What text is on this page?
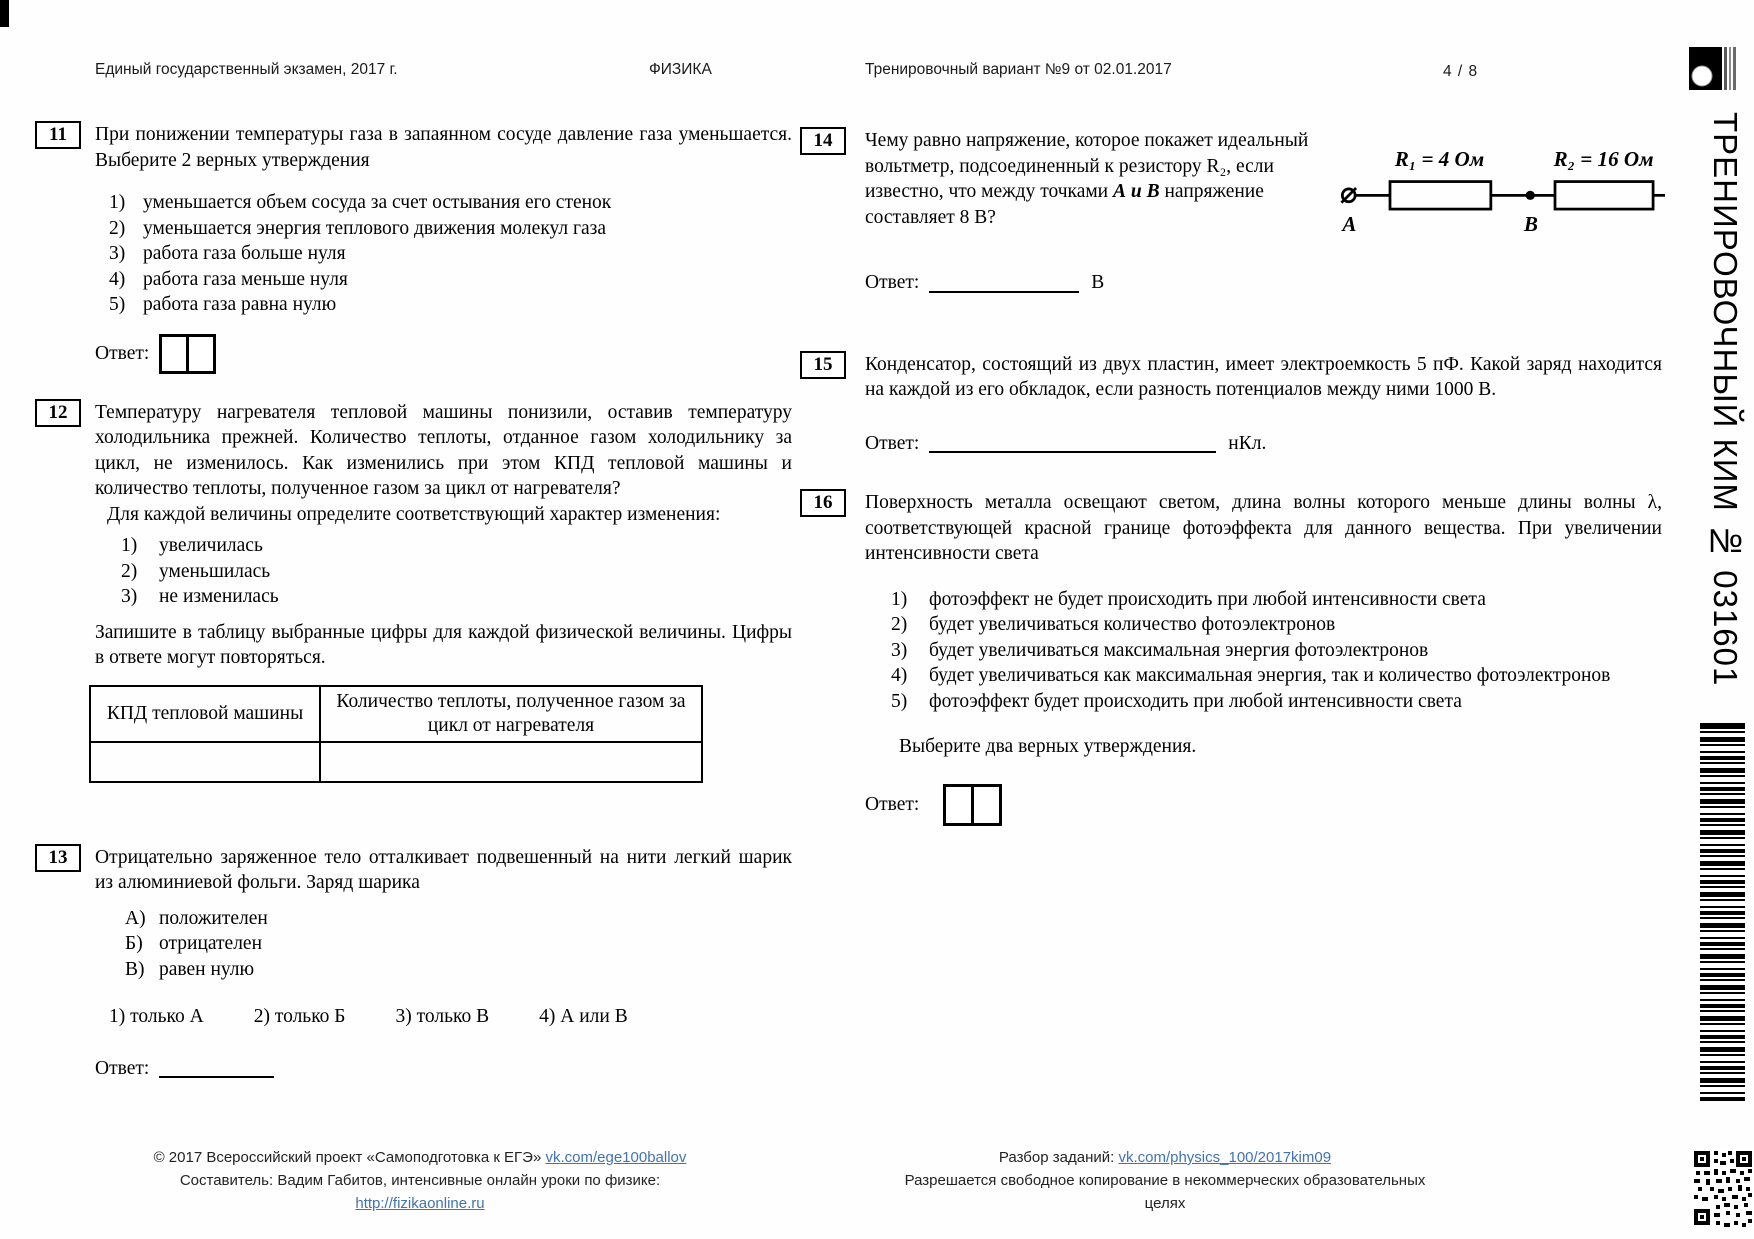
Единый государственный экзамен, 2017 г.	ФИЗИКА	Тренировочный вариант №9 от 02.01.2017	4 / 8
11	При понижении температуры газа в запаянном сосуде давление газа уменьшается. Выберите 2 верных утверждения

1) уменьшается объем сосуда за счет остывания его стенок
2) уменьшается энергия теплового движения молекул газа
3) работа газа больше нуля
4) работа газа меньше нуля
5) работа газа равна нулю
Ответ:
12	Температуру нагревателя тепловой машины понизили, оставив температуру холодильника прежней. Количество теплоты, отданное газом холодильнику за цикл, не изменилось. Как изменились при этом КПД тепловой машины и количество теплоты, полученное газом за цикл от нагревателя?

Для каждой величины определите соответствующий характер изменения:

1)	увеличилась
2)	уменьшилась
3)	не изменилась

Запишите в таблицу выбранные цифры для каждой физической величины. Цифры в ответе могут повторяться.

КПД тепловой машины	Количество теплоты, полученное газом за цикл от нагревателя

13	Отрицательно заряженное тело отталкивает подвешенный на нити легкий шарик из алюминиевой фольги. Заряд шарика

А) положителен
Б) отрицателен
В) равен нулю
1) только А	2) только Б	3) только В	4) А или В
Ответ:
14	Чему равно напряжение, которое покажет идеальный вольтметр, подсоединенный к резистору R₂, если известно, что между точками А и В напряжение составляет 8 В?

R₁ = 4 Ом	R₂ = 16 Ом
A	B
Ответ:	В
15	Конденсатор, состоящий из двух пластин, имеет электроемкость 5 пФ. Какой заряд находится на каждой из его обкладок, если разность потенциалов между ними 1000 В.

Ответ:	нКл.
16	Поверхность металла освещают светом, длина волны которого меньше длины волны λ, соответствующей красной границе фотоэффекта для данного вещества. При увеличении интенсивности света

1)	фотоэффект не будет происходить при любой интенсивности света
2)	будет увеличиваться количество фотоэлектронов
3)	будет увеличиваться максимальная энергия фотоэлектронов
4)	будет увеличиваться как максимальная энергия, так и количество фотоэлектронов
5)	фотоэффект будет происходить при любой интенсивности света

Выберите два верных утверждения.

Ответ:
© 2017 Всероссийский проект «Самоподготовка к ЕГЭ» vk.com/ege100ballov
Составитель: Вадим Габитов, интенсивные онлайн уроки по физике: http://fizikaonline.ru
Разбор заданий: vk.com/physics_100/2017kim09
Разрешается свободное копирование в некоммерческих образовательных целях
ТРЕНИРОВОЧНЫЙ КИМ № 031601
